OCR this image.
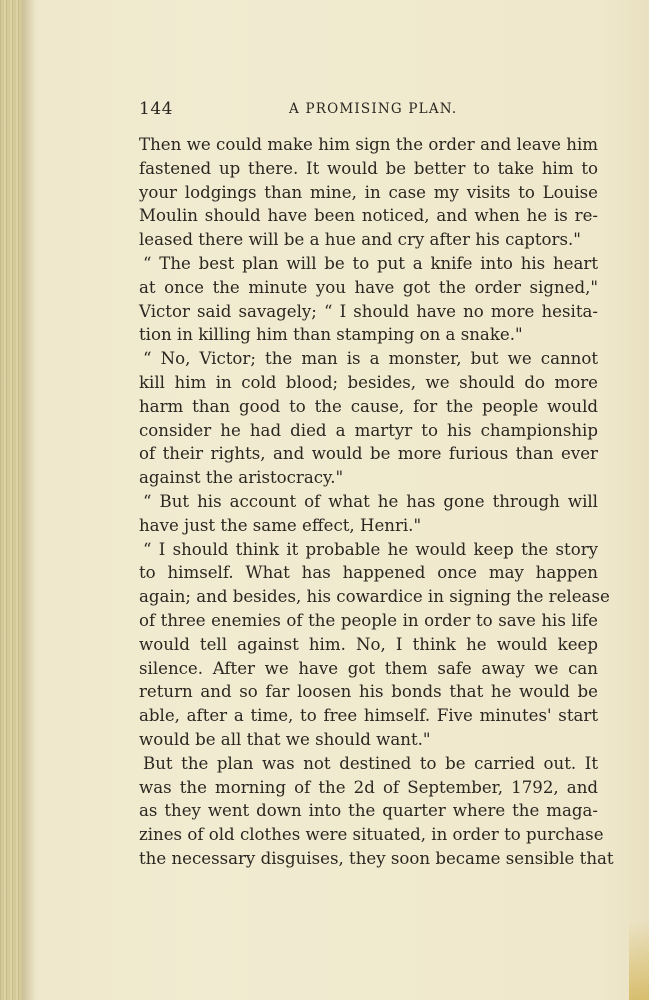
144	A PROMISING PLAN.
Then we could make him sign the order and leave him
fastened up there. It would be better to take him to
your lodgings than mine, in case my visits to Louise
Moulin should have been noticed, and when he is re-
leased there will be a hue and cry after his captors."
“ The best plan will be to put a knife into his heart
at once the minute you have got the order signed,"
Victor said savagely; “ I should have no more hesita-
tion in killing him than stamping on a snake."
“ No, Victor; the man is a monster, but we cannot
kill him in cold blood; besides, we should do more
harm than good to the cause, for the people would
consider he had died a martyr to his championship
of their rights, and would be more furious than ever
against the aristocracy."
“ But his account of what he has gone through will
have just the same effect, Henri."
“ I should think it probable he would keep the story
to himself. What has happened once may happen
again; and besides, his cowardice in signing the release
of three enemies of the people in order to save his life
would tell against him. No, I think he would keep
silence. After we have got them safe away we can
return and so far loosen his bonds that he would be
able, after a time, to free himself. Five minutes' start
would be all that we should want."
But the plan was not destined to be carried out. It
was the morning of the 2d of September, 1792, and
as they went down into the quarter where the maga-
zines of old clothes were situated, in order to purchase
the necessary disguises, they soon became sensible that
